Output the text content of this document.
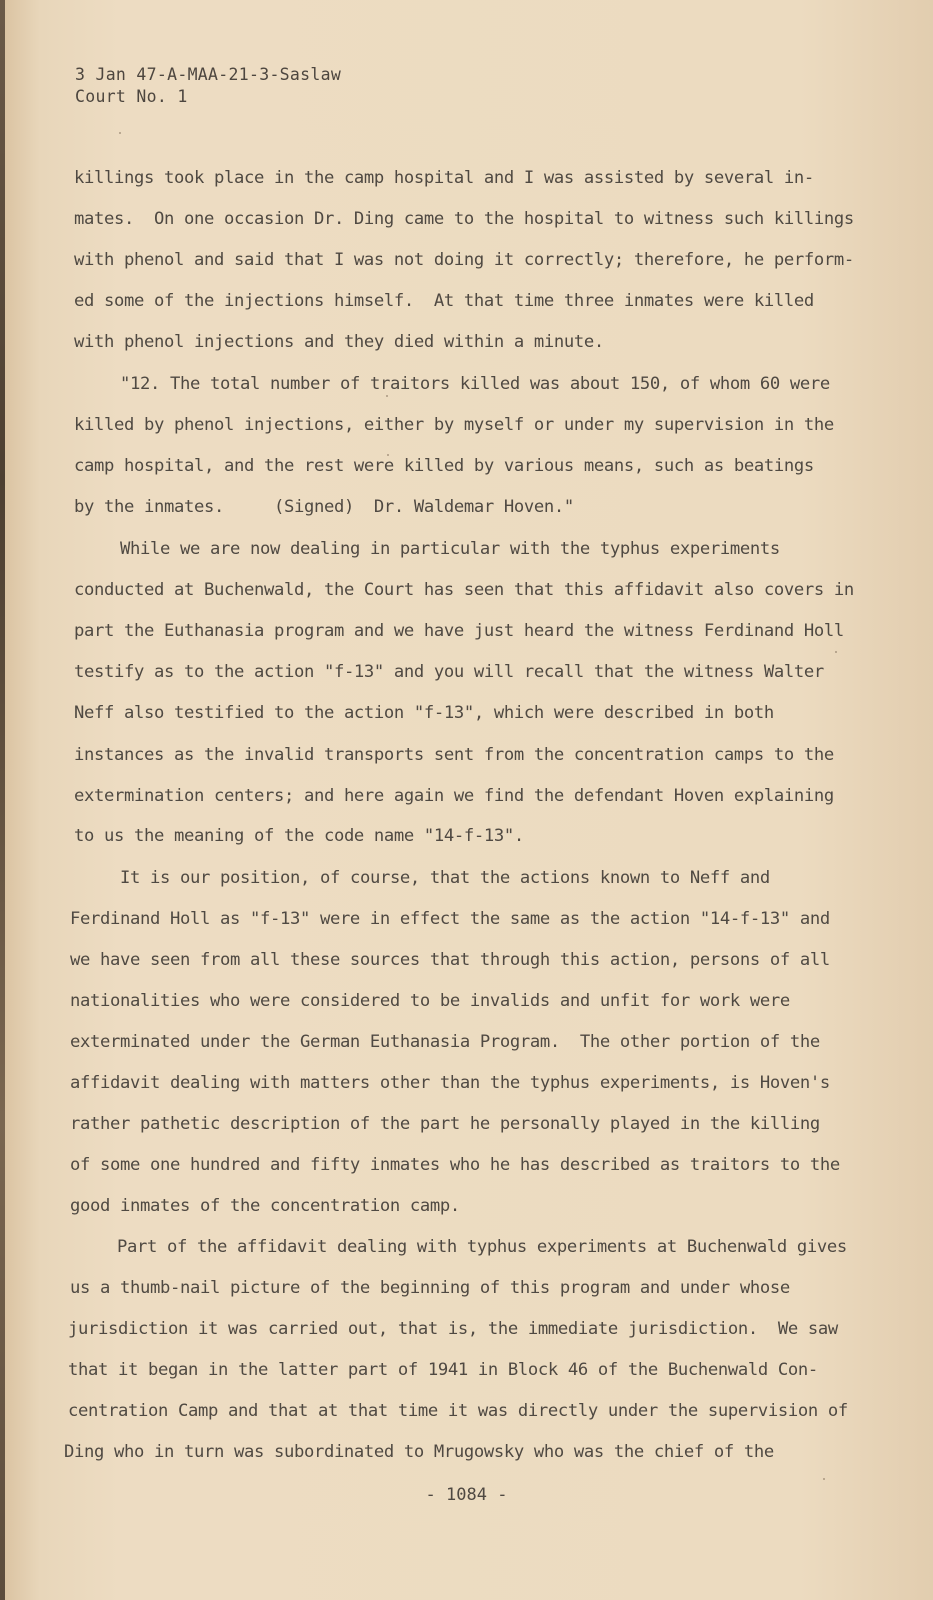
3 Jan 47-A-MAA-21-3-Saslaw
Court No. 1
killings took place in the camp hospital and I was assisted by several in-
mates.  On one occasion Dr. Ding came to the hospital to witness such killings
with phenol and said that I was not doing it correctly; therefore, he perform-
ed some of the injections himself.  At that time three inmates were killed
with phenol injections and they died within a minute.
"12. The total number of traitors killed was about 150, of whom 60 were
killed by phenol injections, either by myself or under my supervision in the
camp hospital, and the rest were killed by various means, such as beatings
by the inmates.     (Signed)  Dr. Waldemar Hoven."
While we are now dealing in particular with the typhus experiments
conducted at Buchenwald, the Court has seen that this affidavit also covers in
part the Euthanasia program and we have just heard the witness Ferdinand Holl
testify as to the action "f-13" and you will recall that the witness Walter
Neff also testified to the action "f-13", which were described in both
instances as the invalid transports sent from the concentration camps to the
extermination centers; and here again we find the defendant Hoven explaining
to us the meaning of the code name "14-f-13".
It is our position, of course, that the actions known to Neff and
Ferdinand Holl as "f-13" were in effect the same as the action "14-f-13" and
we have seen from all these sources that through this action, persons of all
nationalities who were considered to be invalids and unfit for work were
exterminated under the German Euthanasia Program.  The other portion of the
affidavit dealing with matters other than the typhus experiments, is Hoven's
rather pathetic description of the part he personally played in the killing
of some one hundred and fifty inmates who he has described as traitors to the
good inmates of the concentration camp.
Part of the affidavit dealing with typhus experiments at Buchenwald gives
us a thumb-nail picture of the beginning of this program and under whose
jurisdiction it was carried out, that is, the immediate jurisdiction.  We saw
that it began in the latter part of 1941 in Block 46 of the Buchenwald Con-
centration Camp and that at that time it was directly under the supervision of
Ding who in turn was subordinated to Mrugowsky who was the chief of the
- 1084 -
